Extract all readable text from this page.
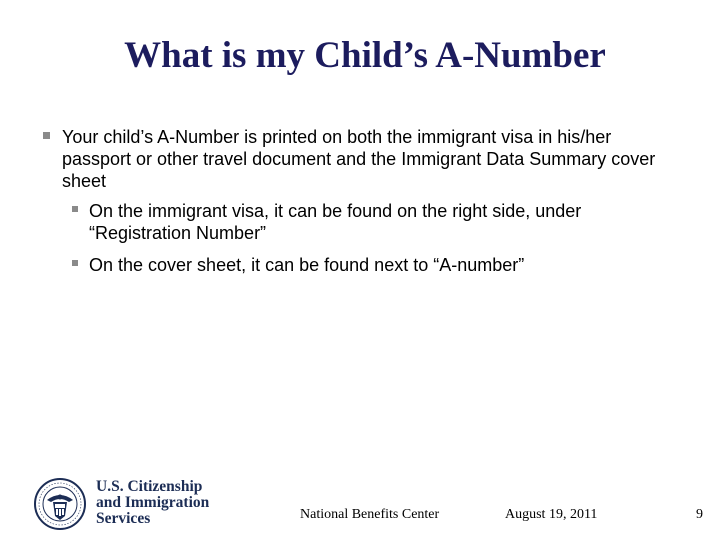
What is my Child’s A-Number
Your child’s A-Number is printed on both the immigrant visa in his/her passport or other travel document and the Immigrant Data Summary cover sheet
On the immigrant visa, it can be found on the right side, under “Registration Number”
On the cover sheet, it can be found next to “A-number”
U.S. Citizenship
and Immigration
Services	National Benefits Center	August 19, 2011	9
